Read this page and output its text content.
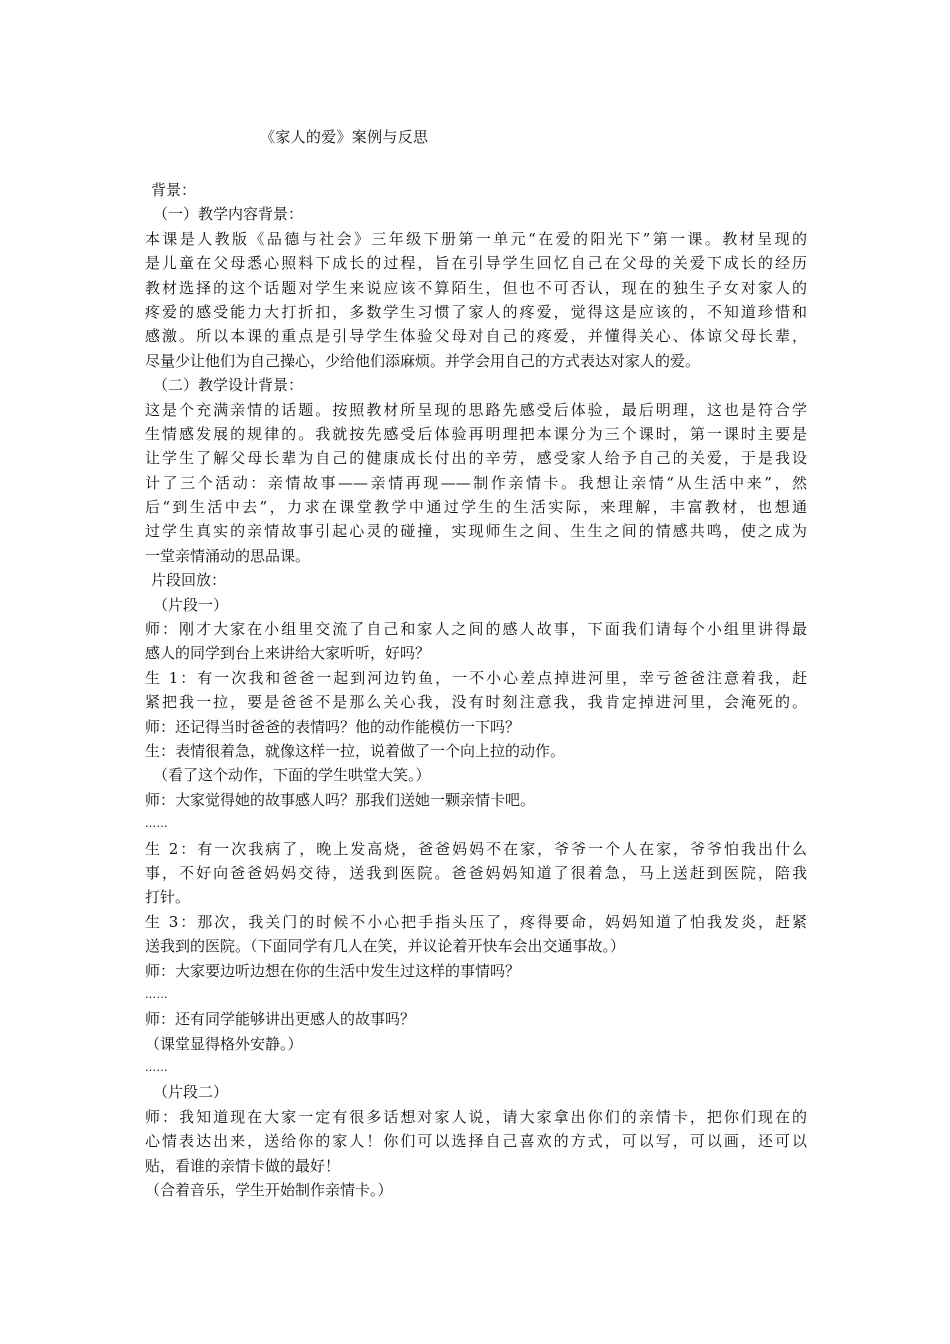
《家人的爱》案例与反思
背景：
（一）教学内容背景：
本课是人教版《品德与社会》三年级下册第一单元“在爱的阳光下”第一课。教材呈现的
是儿童在父母悉心照料下成长的过程，旨在引导学生回忆自己在父母的关爱下成长的经历
教材选择的这个话题对学生来说应该不算陌生，但也不可否认，现在的独生子女对家人的
疼爱的感受能力大打折扣，多数学生习惯了家人的疼爱，觉得这是应该的，不知道珍惜和
感激。所以本课的重点是引导学生体验父母对自己的疼爱，并懂得关心、体谅父母长辈，
尽量少让他们为自己操心，少给他们添麻烦。并学会用自己的方式表达对家人的爱。
（二）教学设计背景：
这是个充满亲情的话题。按照教材所呈现的思路先感受后体验，最后明理，这也是符合学
生情感发展的规律的。我就按先感受后体验再明理把本课分为三个课时，第一课时主要是
让学生了解父母长辈为自己的健康成长付出的辛劳，感受家人给予自己的关爱，于是我设
计了三个活动：亲情故事——亲情再现——制作亲情卡。我想让亲情“从生活中来”，然
后“到生活中去”，力求在课堂教学中通过学生的生活实际，来理解，丰富教材，也想通
过学生真实的亲情故事引起心灵的碰撞，实现师生之间、生生之间的情感共鸣，使之成为
一堂亲情涌动的思品课。
片段回放：
（片段一）
师：刚才大家在小组里交流了自己和家人之间的感人故事，下面我们请每个小组里讲得最
感人的同学到台上来讲给大家听听，好吗？
生 1：有一次我和爸爸一起到河边钓鱼，一不小心差点掉进河里，幸亏爸爸注意着我，赶
紧把我一拉，要是爸爸不是那么关心我，没有时刻注意我，我肯定掉进河里，会淹死的。
师：还记得当时爸爸的表情吗？他的动作能模仿一下吗？
生：表情很着急，就像这样一拉，说着做了一个向上拉的动作。
（看了这个动作，下面的学生哄堂大笑。）
师：大家觉得她的故事感人吗？那我们送她一颗亲情卡吧。
……
生 2：有一次我病了，晚上发高烧，爸爸妈妈不在家，爷爷一个人在家，爷爷怕我出什么
事，不好向爸爸妈妈交待，送我到医院。爸爸妈妈知道了很着急，马上送赶到医院，陪我
打针。
生 3：那次，我关门的时候不小心把手指头压了，疼得要命，妈妈知道了怕我发炎，赶紧
送我到的医院。（下面同学有几人在笑，并议论着开快车会出交通事故。）
师：大家要边听边想在你的生活中发生过这样的事情吗？
……
师：还有同学能够讲出更感人的故事吗？
（课堂显得格外安静。）
……
（片段二）
师：我知道现在大家一定有很多话想对家人说，请大家拿出你们的亲情卡，把你们现在的
心情表达出来，送给你的家人！你们可以选择自己喜欢的方式，可以写，可以画，还可以
贴，看谁的亲情卡做的最好！
（合着音乐，学生开始制作亲情卡。）
